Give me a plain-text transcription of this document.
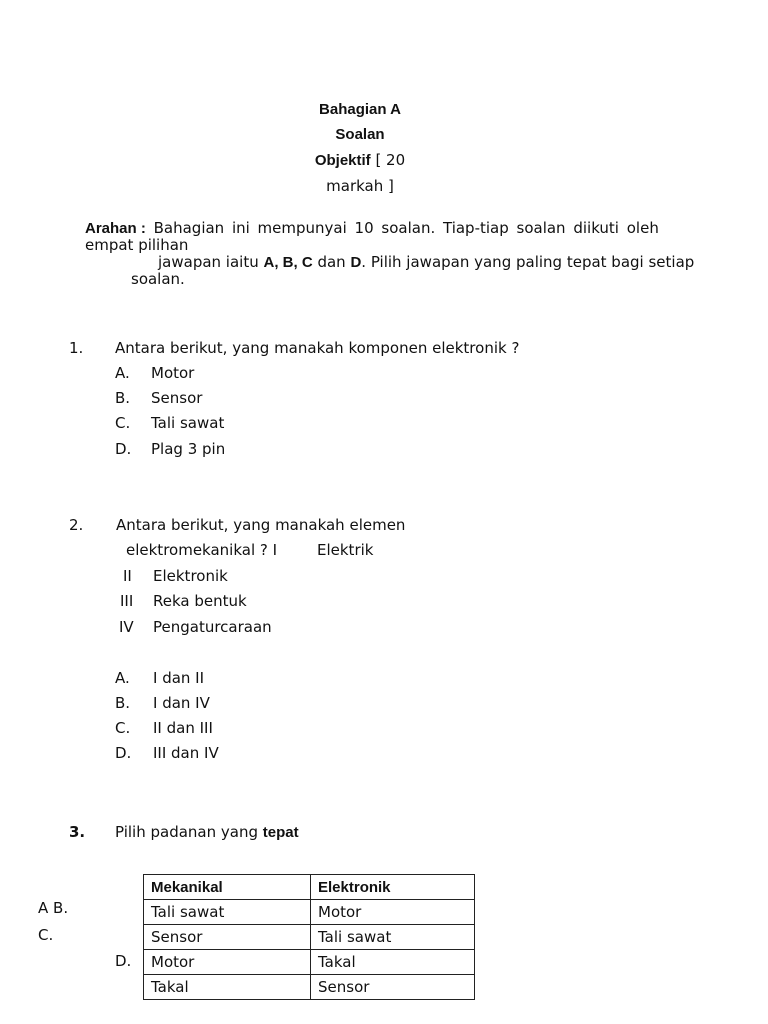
Bahagian A
Soalan
Objektif [ 20
markah ]
Arahan : Bahagian ini mempunyai 10 soalan. Tiap-tiap soalan diikuti oleh
empat pilihan
jawapan iaitu A, B, C dan D. Pilih jawapan yang paling tepat bagi setiap
soalan.
1. Antara berikut, yang manakah komponen elektronik ?
A. Motor
B. Sensor
C. Tali sawat
D. Plag 3 pin
2. Antara berikut, yang manakah elemen
elektromekanikal ? I	Elektrik
II Elektronik
III Reka bentuk
IV Pengaturcaraan
A. I dan II
B. I dan IV
C. II dan III
D. III dan IV
3. Pilih padanan yang tepat
A B.
C.
D.
Mekanikal	Elektronik
Tali sawat	Motor
Sensor	Tali sawat
Motor	Takal
Takal	Sensor
